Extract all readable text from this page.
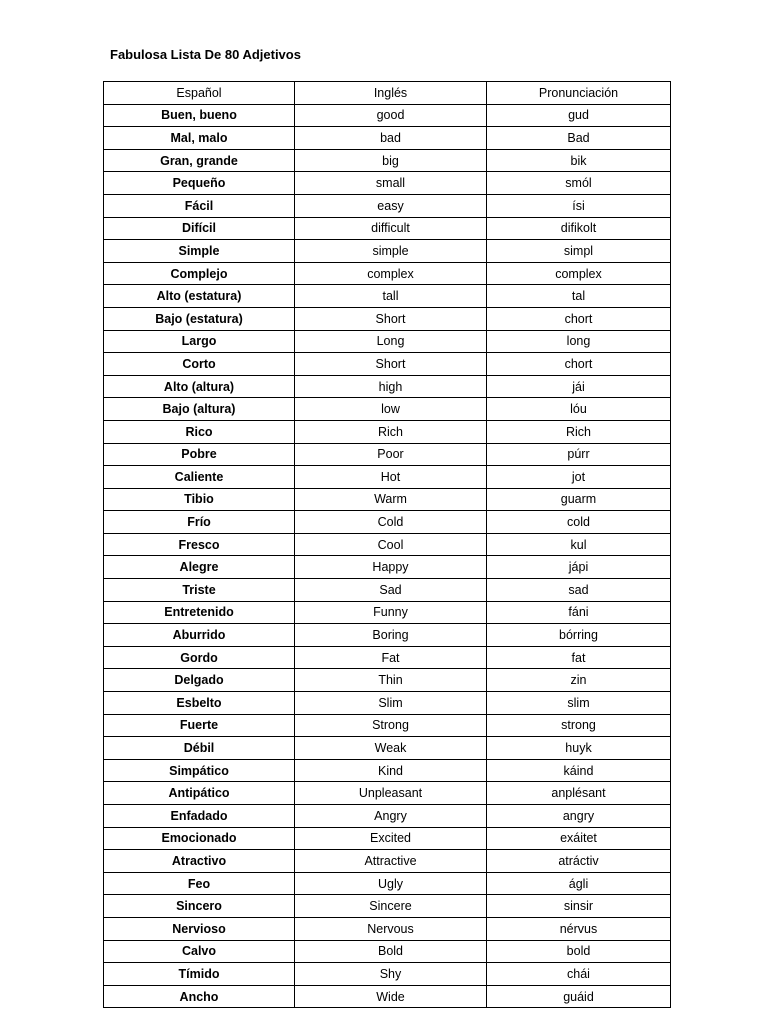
Fabulosa Lista De 80 Adjetivos
Español	Inglés	Pronunciación
Buen, bueno	good	gud
Mal, malo	bad	Bad
Gran, grande	big	bik
Pequeño	small	smól
Fácil	easy	ísi
Difícil	difficult	difikolt
Simple	simple	simpl
Complejo	complex	complex
Alto (estatura)	tall	tal
Bajo (estatura)	Short	chort
Largo	Long	long
Corto	Short	chort
Alto (altura)	high	jái
Bajo (altura)	low	lóu
Rico	Rich	Rich
Pobre	Poor	púrr
Caliente	Hot	jot
Tibio	Warm	guarm
Frío	Cold	cold
Fresco	Cool	kul
Alegre	Happy	jápi
Triste	Sad	sad
Entretenido	Funny	fáni
Aburrido	Boring	bórring
Gordo	Fat	fat
Delgado	Thin	zin
Esbelto	Slim	slim
Fuerte	Strong	strong
Débil	Weak	huyk
Simpático	Kind	káind
Antipático	Unpleasant	anplésant
Enfadado	Angry	angry
Emocionado	Excited	exáitet
Atractivo	Attractive	atráctiv
Feo	Ugly	ágli
Sincero	Sincere	sinsir
Nervioso	Nervous	nérvus
Calvo	Bold	bold
Tímido	Shy	chái
Ancho	Wide	guáid
